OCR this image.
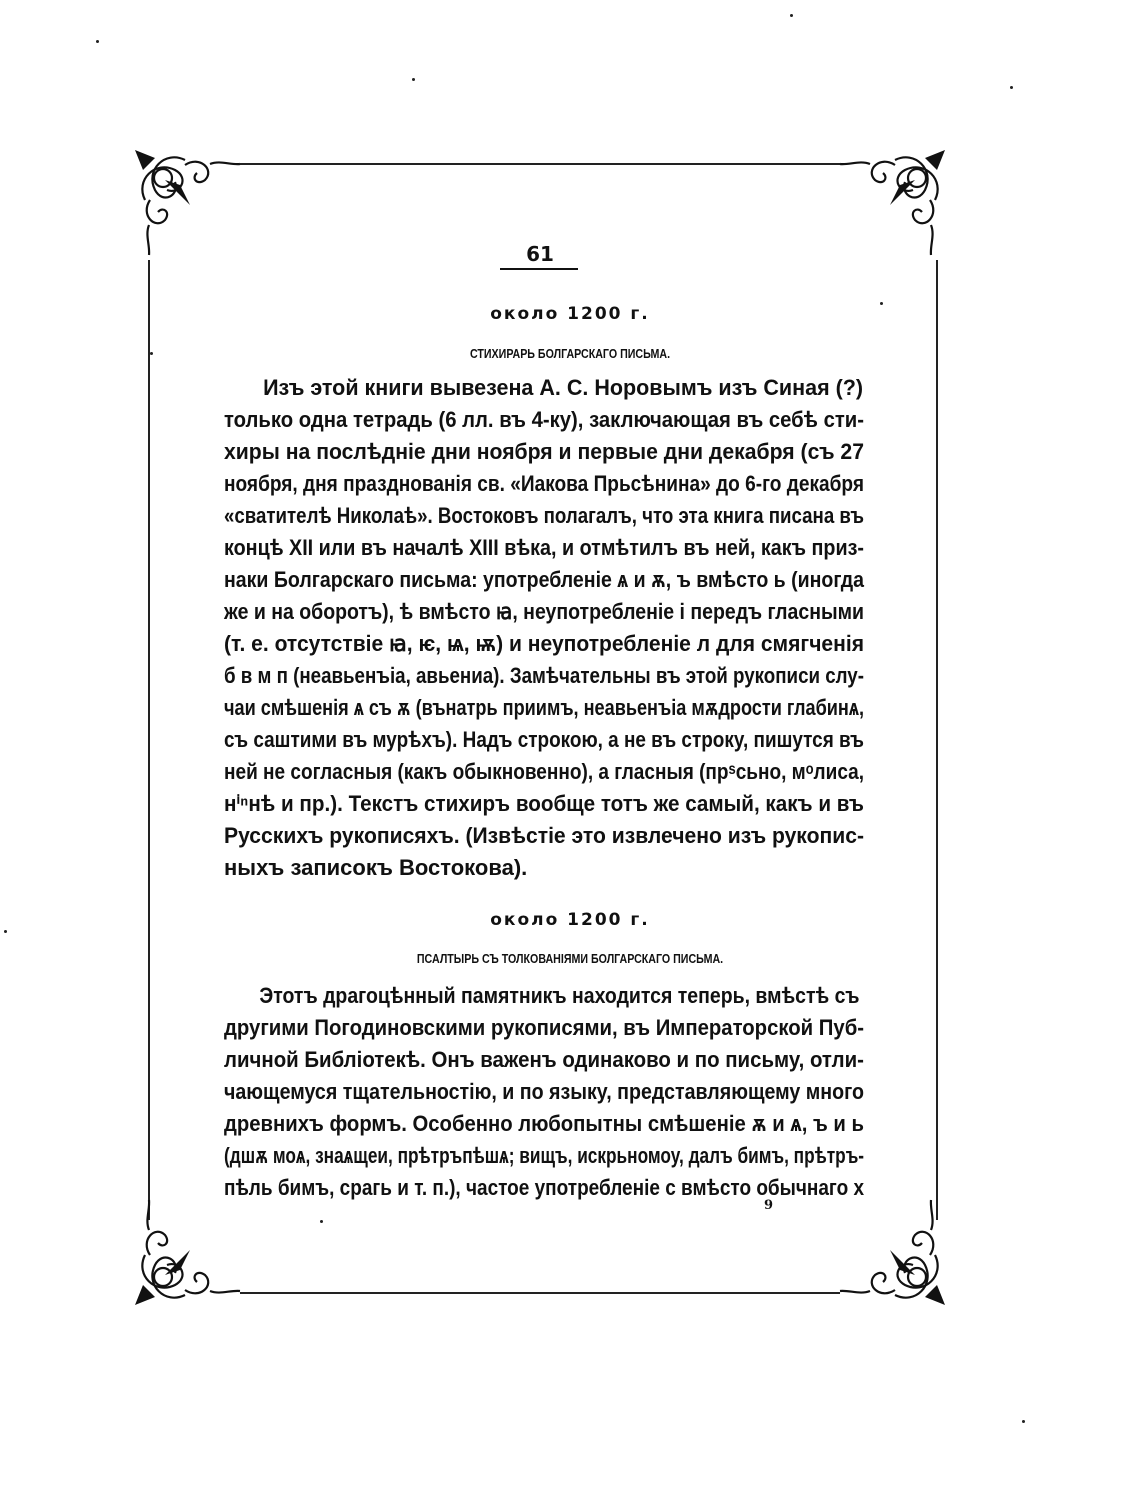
61
около 1200 г.
СТИХИРАРЬ БОЛГАРСКАГО ПИСЬМА.
Изъ этой книги вывезена А. С. Норовымъ изъ Синая (?)
только одна тетрадь (6 лл. въ 4-ку), заключающая въ себѣ сти-
хиры на послѣдніе дни ноября и первые дни декабря (съ 27
ноября, дня празднованія св. «Иакова Прьсѣнина» до 6-го декабря
«сватителѣ Николаѣ». Востоковъ полагалъ, что эта книга писана въ
концѣ XII или въ началѣ XIII вѣка, и отмѣтилъ въ ней, какъ приз-
наки Болгарскаго письма: употребленіе ѧ и ѫ, ъ вмѣсто ь (иногда
же и на оборотъ), ѣ вмѣсто ꙗ, неупотребленіе і передъ гласными
(т. е. отсутствіе ꙗ, ѥ, ѩ, ѭ) и неупотребленіе л для смягченія
б в м п (неавьенъіа, авьениа). Замѣчательны въ этой рукописи слу-
чаи смѣшенія ѧ съ ѫ (вънатрь приимъ, неавьенъіа мѫдрости глабинѧ,
съ саштими въ мурѣхъ). Надъ строкою, а не въ строку, пишутся въ
ней не согласныя (какъ обыкновенно), а гласныя (прˢсьно, мᵒлиса,
нⁱⁿнѣ и пр.). Текстъ стихиръ вообще тотъ же самый, какъ и въ
Русскихъ рукописяхъ. (Извѣстіе это извлечено изъ рукопис-
ныхъ записокъ Востокова).
около 1200 г.
ПСАЛТЫРЬ СЪ ТОЛКОВАНІЯМИ БОЛГАРСКАГО ПИСЬМА.
Этотъ драгоцѣнный памятникъ находится теперь, вмѣстѣ съ
другими Погодиновскими рукописями, въ Императорской Пуб-
личной Библіотекѣ. Онъ важенъ одинаково и по письму, отли-
чающемуся тщательностію, и по языку, представляющему много
древнихъ формъ. Особенно любопытны смѣшеніе ѫ и ѧ, ъ и ь
(дшѫ моѧ, знаѧщеи, прѣтръпѣшѧ; вищъ, искрьномоу, далъ бимъ, прѣтръ-
пѣль бимъ, срагь и т. п.), частое употребленіе с вмѣсто обычнаго х
9
